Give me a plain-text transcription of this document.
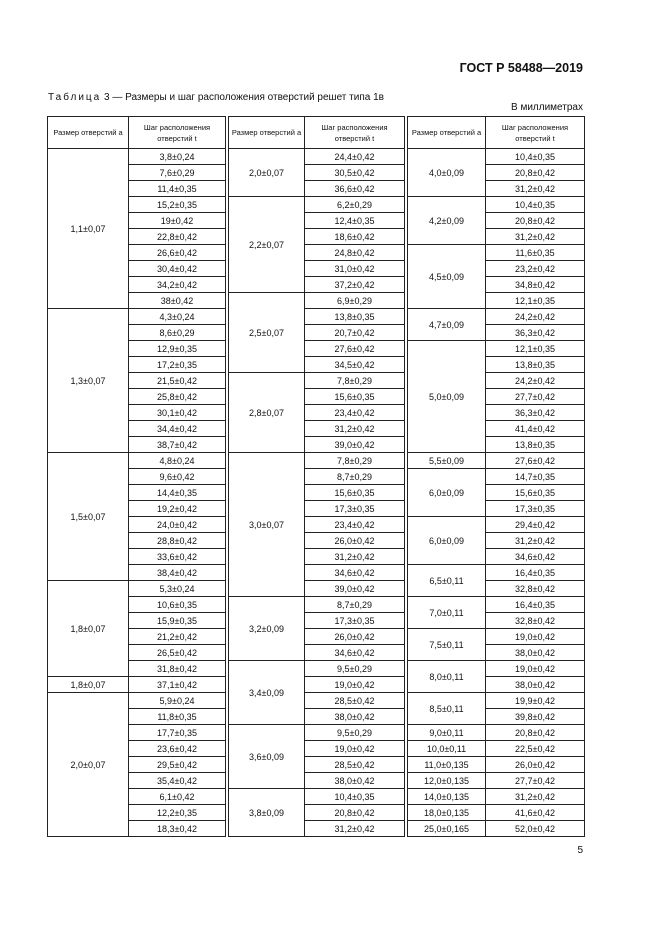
ГОСТ Р 58488—2019
Таблица 3 — Размеры и шаг расположения отверстий решет типа 1в
В миллиметрах
Размер отверстий a	Шаг расположения отверстий t		Размер отверстий a	Шаг расположения отверстий t		Размер отверстий a	Шаг расположения отверстий t
1,1±0,07	3,8±0,24		2,0±0,07	24,4±0,42		4,0±0,09	10,4±0,35
	7,6±0,29			30,5±0,42			20,8±0,42
	11,4±0,35			36,6±0,42			31,2±0,42
	15,2±0,35		2,2±0,07	6,2±0,29		4,2±0,09	10,4±0,35
	19±0,42			12,4±0,35			20,8±0,42
	22,8±0,42			18,6±0,42			31,2±0,42
	26,6±0,42			24,8±0,42		4,5±0,09	11,6±0,35
	30,4±0,42			31,0±0,42			23,2±0,42
	34,2±0,42			37,2±0,42			34,8±0,42
	38±0,42		2,5±0,07	6,9±0,29			12,1±0,35
1,3±0,07	4,3±0,24			13,8±0,35		4,7±0,09	24,2±0,42
	8,6±0,29			20,7±0,42			36,3±0,42
	12,9±0,35			27,6±0,42		5,0±0,09	12,1±0,35
	17,2±0,35			34,5±0,42			13,8±0,35
	21,5±0,42		2,8±0,07	7,8±0,29			24,2±0,42
	25,8±0,42			15,6±0,35			27,7±0,42
	30,1±0,42			23,4±0,42			36,3±0,42
	34,4±0,42			31,2±0,42			41,4±0,42
	38,7±0,42			39,0±0,42			13,8±0,35
1,5±0,07	4,8±0,24		3,0±0,07	7,8±0,29		5,5±0,09	27,6±0,42
	9,6±0,42			8,7±0,29		6,0±0,09	14,7±0,35
	14,4±0,35			15,6±0,35			15,6±0,35
	19,2±0,42			17,3±0,35			17,3±0,35
	24,0±0,42			23,4±0,42		6,0±0,09	29,4±0,42
	28,8±0,42			26,0±0,42			31,2±0,42
	33,6±0,42			31,2±0,42			34,6±0,42
	38,4±0,42			34,6±0,42		6,5±0,11	16,4±0,35
1,8±0,07	5,3±0,24			39,0±0,42			32,8±0,42
	10,6±0,35		3,2±0,09	8,7±0,29		7,0±0,11	16,4±0,35
	15,9±0,35			17,3±0,35			32,8±0,42
	21,2±0,42			26,0±0,42		7,5±0,11	19,0±0,42
	26,5±0,42			34,6±0,42			38,0±0,42
	31,8±0,42		3,4±0,09	9,5±0,29		8,0±0,11	19,0±0,42
1,8±0,07	37,1±0,42			19,0±0,42			38,0±0,42
2,0±0,07	5,9±0,24			28,5±0,42		8,5±0,11	19,9±0,42
	11,8±0,35			38,0±0,42			39,8±0,42
	17,7±0,35		3,6±0,09	9,5±0,29		9,0±0,11	20,8±0,42
	23,6±0,42			19,0±0,42		10,0±0,11	22,5±0,42
	29,5±0,42			28,5±0,42		11,0±0,135	26,0±0,42
	35,4±0,42			38,0±0,42		12,0±0,135	27,7±0,42
	6,1±0,42		3,8±0,09	10,4±0,35		14,0±0,135	31,2±0,42
	12,2±0,35			20,8±0,42		18,0±0,135	41,6±0,42
	18,3±0,42			31,2±0,42		25,0±0,165	52,0±0,42
5
